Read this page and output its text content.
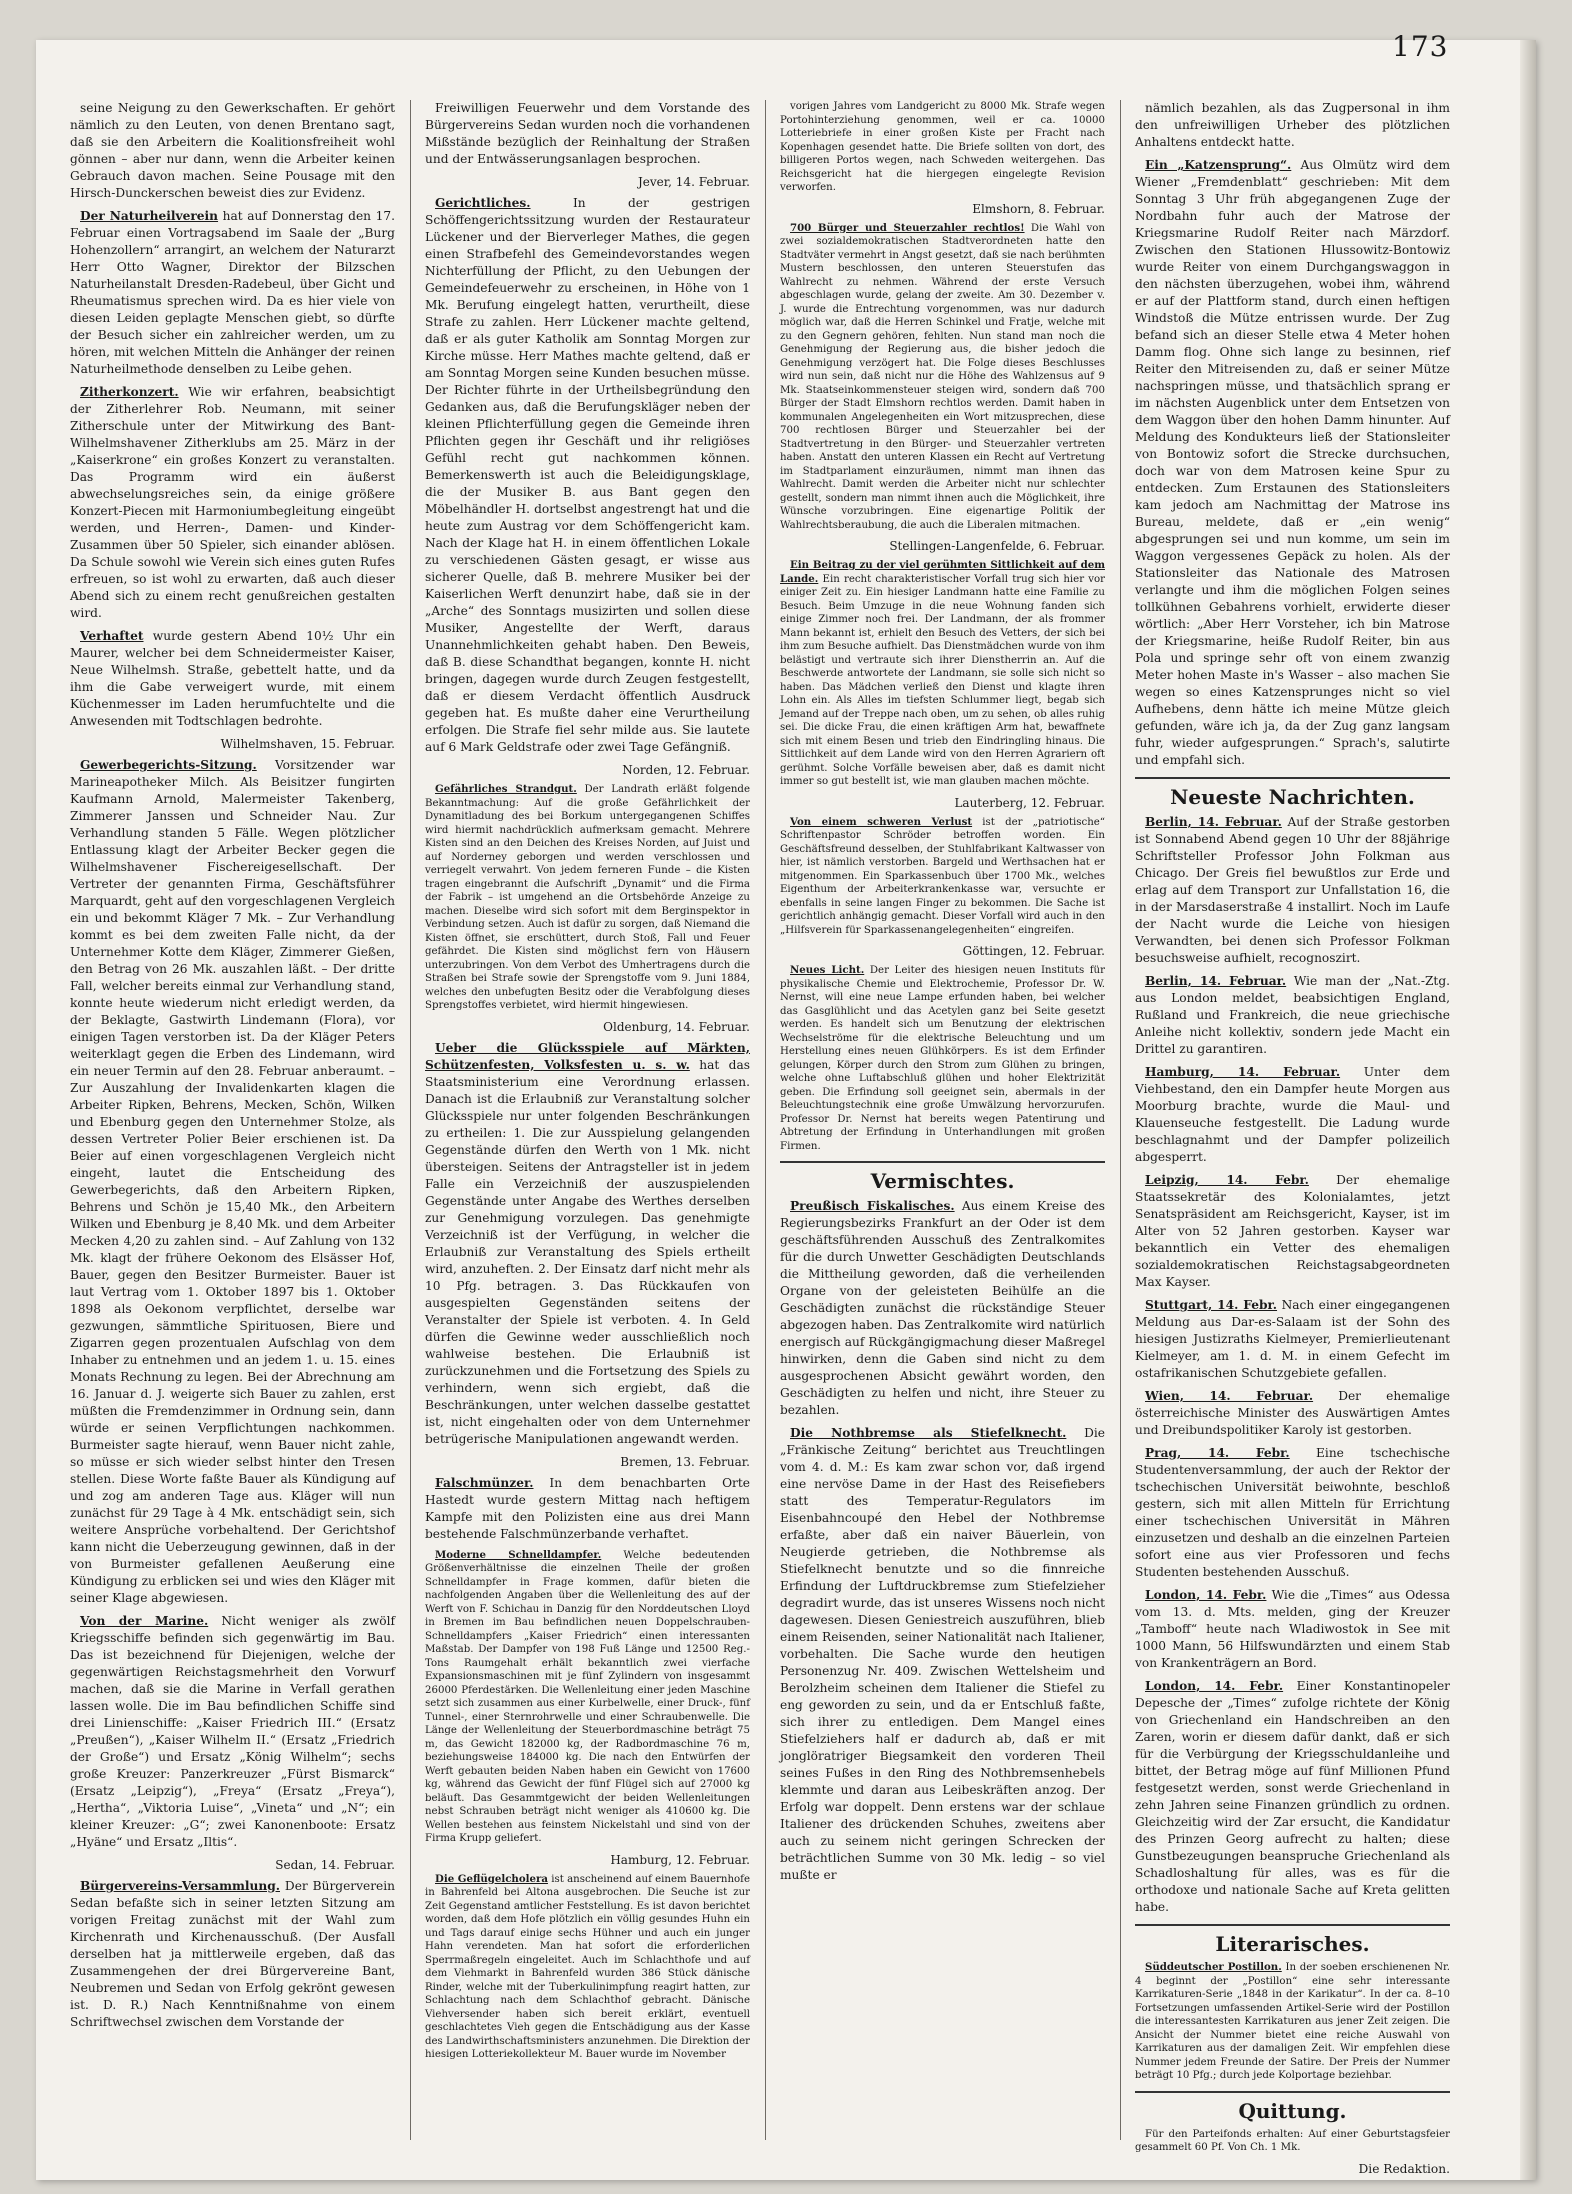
173

seine Neigung zu den Gewerkschaften. Er gehört nämlich zu den Leuten, von denen Brentano sagt, daß sie den Arbeitern die Koalitionsfreiheit wohl gönnen – aber nur dann, wenn die Arbeiter keinen Gebrauch davon machen. Seine Pousage mit den Hirsch-Dunckerschen beweist dies zur Evidenz.

Der Naturheilverein hat auf Donnerstag den 17. Februar einen Vortragsabend im Saale der „Burg Hohenzollern“ arrangirt, an welchem der Naturarzt Herr Otto Wagner, Direktor der Bilzschen Naturheilanstalt Dresden-Radebeul, über Gicht und Rheumatismus sprechen wird. Da es hier viele von diesen Leiden geplagte Menschen giebt, so dürfte der Besuch sicher ein zahlreicher werden, um zu hören, mit welchen Mitteln die Anhänger der reinen Naturheilmethode denselben zu Leibe gehen.

Zitherkonzert. Wie wir erfahren, beabsichtigt der Zitherlehrer Rob. Neumann, mit seiner Zitherschule unter der Mitwirkung des Bant-Wilhelmshavener Zitherklubs am 25. März in der „Kaiserkrone“ ein großes Konzert zu veranstalten. Das Programm wird ein äußerst abwechselungsreiches sein, da einige größere Konzert-Piecen mit Harmoniumbegleitung eingeübt werden, und Herren-, Damen- und Kinder-Zusammen über 50 Spieler, sich einander ablösen. Da Schule sowohl wie Verein sich eines guten Rufes erfreuen, so ist wohl zu erwarten, daß auch dieser Abend sich zu einem recht genußreichen gestalten wird.

Verhaftet wurde gestern Abend 10½ Uhr ein Maurer, welcher bei dem Schneidermeister Kaiser, Neue Wilhelmsh. Straße, gebettelt hatte, und da ihm die Gabe verweigert wurde, mit einem Küchenmesser im Laden herumfuchtelte und die Anwesenden mit Todtschlagen bedrohte.

Wilhelmshaven, 15. Februar.

Gewerbegerichts-Sitzung. Vorsitzender war Marineapotheker Milch. Als Beisitzer fungirten Kaufmann Arnold, Malermeister Takenberg, Zimmerer Janssen und Schneider Nau. Zur Verhandlung standen 5 Fälle. Wegen plötzlicher Entlassung klagt der Arbeiter Becker gegen die Wilhelmshavener Fischereigesellschaft. Der Vertreter der genannten Firma, Geschäftsführer Marquardt, geht auf den vorgeschlagenen Vergleich ein und bekommt Kläger 7 Mk. – Zur Verhandlung kommt es bei dem zweiten Falle nicht, da der Unternehmer Kotte dem Kläger, Zimmerer Gießen, den Betrag von 26 Mk. auszahlen läßt. – Der dritte Fall, welcher bereits einmal zur Verhandlung stand, konnte heute wiederum nicht erledigt werden, da der Beklagte, Gastwirth Lindemann (Flora), vor einigen Tagen verstorben ist. Da der Kläger Peters weiterklagt gegen die Erben des Lindemann, wird ein neuer Termin auf den 28. Februar anberaumt. – Zur Auszahlung der Invalidenkarten klagen die Arbeiter Ripken, Behrens, Mecken, Schön, Wilken und Ebenburg gegen den Unternehmer Stolze, als dessen Vertreter Polier Beier erschienen ist. Da Beier auf einen vorgeschlagenen Vergleich nicht eingeht, lautet die Entscheidung des Gewerbegerichts, daß den Arbeitern Ripken, Behrens und Schön je 15,40 Mk., den Arbeitern Wilken und Ebenburg je 8,40 Mk. und dem Arbeiter Mecken 4,20 zu zahlen sind. – Auf Zahlung von 132 Mk. klagt der frühere Oekonom des Elsässer Hof, Bauer, gegen den Besitzer Burmeister. Bauer ist laut Vertrag vom 1. Oktober 1897 bis 1. Oktober 1898 als Oekonom verpflichtet, derselbe war gezwungen, sämmtliche Spirituosen, Biere und Zigarren gegen prozentualen Aufschlag von dem Inhaber zu entnehmen und an jedem 1. u. 15. eines Monats Rechnung zu legen. Bei der Abrechnung am 16. Januar d. J. weigerte sich Bauer zu zahlen, erst müßten die Fremdenzimmer in Ordnung sein, dann würde er seinen Verpflichtungen nachkommen. Burmeister sagte hierauf, wenn Bauer nicht zahle, so müsse er sich wieder selbst hinter den Tresen stellen. Diese Worte faßte Bauer als Kündigung auf und zog am anderen Tage aus. Kläger will nun zunächst für 29 Tage à 4 Mk. entschädigt sein, sich weitere Ansprüche vorbehaltend. Der Gerichtshof kann nicht die Ueberzeugung gewinnen, daß in der von Burmeister gefallenen Aeußerung eine Kündigung zu erblicken sei und wies den Kläger mit seiner Klage abgewiesen.

Von der Marine. Nicht weniger als zwölf Kriegsschiffe befinden sich gegenwärtig im Bau. Das ist bezeichnend für Diejenigen, welche der gegenwärtigen Reichstagsmehrheit den Vorwurf machen, daß sie die Marine in Verfall gerathen lassen wolle. Die im Bau befindlichen Schiffe sind drei Linienschiffe: „Kaiser Friedrich III.“ (Ersatz „Preußen“), „Kaiser Wilhelm II.“ (Ersatz „Friedrich der Große“) und Ersatz „König Wilhelm“; sechs große Kreuzer: Panzerkreuzer „Fürst Bismarck“ (Ersatz „Leipzig“), „Freya“ (Ersatz „Freya“), „Hertha“, „Viktoria Luise“, „Vineta“ und „N“; ein kleiner Kreuzer: „G“; zwei Kanonenboote: Ersatz „Hyäne“ und Ersatz „Iltis“.

Sedan, 14. Februar.

Bürgervereins-Versammlung. Der Bürgerverein Sedan befaßte sich in seiner letzten Sitzung am vorigen Freitag zunächst mit der Wahl zum Kirchenrath und Kirchenausschuß. (Der Ausfall derselben hat ja mittlerweile ergeben, daß das Zusammengehen der drei Bürgervereine Bant, Neubremen und Sedan von Erfolg gekrönt gewesen ist. D. R.) Nach Kenntnißnahme von einem Schriftwechsel zwischen dem Vorstande der

Freiwilligen Feuerwehr und dem Vorstande des Bürgervereins Sedan wurden noch die vorhandenen Mißstände bezüglich der Reinhaltung der Straßen und der Entwässerungsanlagen besprochen.

Jever, 14. Februar.

Gerichtliches.	In der gestrigen Schöffengerichtssitzung wurden der Restaurateur Lückener und der Bierverleger Mathes, die gegen einen Strafbefehl des Gemeindevorstandes wegen Nichterfüllung der Pflicht, zu den Uebungen der Gemeindefeuerwehr zu erscheinen, in Höhe von 1 Mk. Berufung eingelegt hatten, verurtheilt, diese Strafe zu zahlen. Herr Lückener machte geltend, daß er als guter Katholik am Sonntag Morgen zur Kirche müsse. Herr Mathes machte geltend, daß er am Sonntag Morgen seine Kunden besuchen müsse. Der Richter führte in der Urtheilsbegründung den Gedanken aus, daß die Berufungskläger neben der kleinen Pflichterfüllung gegen die Gemeinde ihren Pflichten gegen ihr Geschäft und ihr religiöses Gefühl recht gut nachkommen können. Bemerkenswerth ist auch die Beleidigungsklage, die der Musiker B. aus Bant gegen den Möbelhändler H. dortselbst angestrengt hat und die heute zum Austrag vor dem Schöffengericht kam. Nach der Klage hat H. in einem öffentlichen Lokale zu verschiedenen Gästen gesagt, er wisse aus sicherer Quelle, daß B. mehrere Musiker bei der Kaiserlichen Werft denunzirt habe, daß sie in der „Arche“ des Sonntags musizirten und sollen diese Musiker, Angestellte der Werft, daraus Unannehmlichkeiten gehabt haben. Den Beweis, daß B. diese Schandthat begangen, konnte H. nicht bringen, dagegen wurde durch Zeugen festgestellt, daß er diesem Verdacht öffentlich Ausdruck gegeben hat. Es mußte daher eine Verurtheilung erfolgen. Die Strafe fiel sehr milde aus. Sie lautete auf 6 Mark Geldstrafe oder zwei Tage Gefängniß.

Norden, 12. Februar.

Gefährliches Strandgut. Der Landrath erläßt folgende Bekanntmachung: Auf die große Gefährlichkeit der Dynamitladung des bei Borkum untergegangenen Schiffes wird hiermit nachdrücklich aufmerksam gemacht. Mehrere Kisten sind an den Deichen des Kreises Norden, auf Juist und auf Norderney geborgen und werden verschlossen und verriegelt verwahrt. Von jedem ferneren Funde – die Kisten tragen eingebrannt die Aufschrift „Dynamit“ und die Firma der Fabrik – ist umgehend an die Ortsbehörde Anzeige zu machen. Dieselbe wird sich sofort mit dem Berginspektor in Verbindung setzen. Auch ist dafür zu sorgen, daß Niemand die Kisten öffnet, sie erschüttert, durch Stoß, Fall und Feuer gefährdet. Die Kisten sind möglichst fern von Häusern unterzubringen. Von dem Verbot des Umhertragens durch die Straßen bei Strafe sowie der Sprengstoffe vom 9. Juni 1884, welches den unbefugten Besitz oder die Verabfolgung dieses Sprengstoffes verbietet, wird hiermit hingewiesen.

Oldenburg, 14. Februar.

Ueber die Glücksspiele auf Märkten, Schützenfesten, Volksfesten u. s. w. hat das Staatsministerium eine Verordnung erlassen. Danach ist die Erlaubniß zur Veranstaltung solcher Glücksspiele nur unter folgenden Beschränkungen zu ertheilen: 1. Die zur Ausspielung gelangenden Gegenstände dürfen den Werth von 1 Mk. nicht übersteigen. Seitens der Antragsteller ist in jedem Falle ein Verzeichniß der auszuspielenden Gegenstände unter Angabe des Werthes derselben zur Genehmigung vorzulegen. Das genehmigte Verzeichniß ist der Verfügung, in welcher die Erlaubniß zur Veranstaltung des Spiels ertheilt wird, anzuheften. 2. Der Einsatz darf nicht mehr als 10 Pfg. betragen. 3. Das Rückkaufen von ausgespielten Gegenständen seitens der Veranstalter der Spiele ist verboten. 4. In Geld dürfen die Gewinne weder ausschließlich noch wahlweise bestehen. Die Erlaubniß ist zurückzunehmen und die Fortsetzung des Spiels zu verhindern, wenn sich ergiebt, daß die Beschränkungen, unter welchen dasselbe gestattet ist, nicht eingehalten oder von dem Unternehmer betrügerische Manipulationen angewandt werden.

Bremen, 13. Februar.

Falschmünzer. In dem benachbarten Orte Hastedt wurde gestern Mittag nach heftigem Kampfe mit den Polizisten eine aus drei Mann bestehende Falschmünzerbande verhaftet.

Moderne Schnelldampfer. Welche bedeutenden Größenverhältnisse die einzelnen Theile der großen Schnelldampfer in Frage kommen, dafür bieten die nachfolgenden Angaben über die Wellenleitung des auf der Werft von F. Schichau in Danzig für den Norddeutschen Lloyd in Bremen im Bau befindlichen neuen Doppelschrauben-Schnelldampfers „Kaiser Friedrich“ einen interessanten Maßstab. Der Dampfer von 198 Fuß Länge und 12500 Reg.-Tons Raumgehalt erhält bekanntlich zwei vierfache Expansionsmaschinen mit je fünf Zylindern von insgesammt 26000 Pferdestärken. Die Wellenleitung einer jeden Maschine setzt sich zusammen aus einer Kurbelwelle, einer Druck-, fünf Tunnel-, einer Sternrohrwelle und einer Schraubenwelle. Die Länge der Wellenleitung der Steuerbordmaschine beträgt 75 m, das Gewicht 182000 kg, der Radbordmaschine 76 m, beziehungsweise 184000 kg. Die nach den Entwürfen der Werft gebauten beiden Naben haben ein Gewicht von 17600 kg, während das Gewicht der fünf Flügel sich auf 27000 kg beläuft. Das Gesammtgewicht der beiden Wellenleitungen nebst Schrauben beträgt nicht weniger als 410600 kg. Die Wellen bestehen aus feinstem Nickelstahl und sind von der Firma Krupp geliefert.

Hamburg, 12. Februar.

Die Geflügelcholera ist anscheinend auf einem Bauernhofe in Bahrenfeld bei Altona ausgebrochen. Die Seuche ist zur Zeit Gegenstand amtlicher Feststellung. Es ist davon berichtet worden, daß dem Hofe plötzlich ein völlig gesundes Huhn ein und Tags darauf einige sechs Hühner und auch ein junger Hahn verendeten. Man hat sofort die erforderlichen Sperrmaßregeln eingeleitet. Auch im Schlachthofe und auf dem Viehmarkt in Bahrenfeld wurden 386 Stück dänische Rinder, welche mit der Tuberkulinimpfung reagirt hatten, zur Schlachtung nach dem Schlachthof gebracht. Dänische Viehversender haben sich bereit erklärt, eventuell geschlachtetes Vieh gegen die Entschädigung aus der Kasse des Landwirthschaftsministers anzunehmen. Die Direktion der hiesigen Lotteriekollekteur M. Bauer wurde im November

vorigen Jahres vom Landgericht zu 8000 Mk. Strafe wegen Portohinterziehung genommen, weil er ca. 10000 Lotteriebriefe in einer großen Kiste per Fracht nach Kopenhagen gesendet hatte. Die Briefe sollten von dort, des billigeren Portos wegen, nach Schweden weitergehen. Das Reichsgericht hat die hiergegen eingelegte Revision verworfen.

Elmshorn, 8. Februar.

700 Bürger und Steuerzahler rechtlos! Die Wahl von zwei sozialdemokratischen Stadtverordneten hatte den Stadtväter vermehrt in Angst gesetzt, daß sie nach berühmten Mustern beschlossen, den unteren Steuerstufen das Wahlrecht zu nehmen. Während der erste Versuch abgeschlagen wurde, gelang der zweite. Am 30. Dezember v. J. wurde die Entrechtung vorgenommen, was nur dadurch möglich war, daß die Herren Schinkel und Fratje, welche mit zu den Gegnern gehören, fehlten. Nun stand man noch die Genehmigung der Regierung aus, die bisher jedoch die Genehmigung verzögert hat. Die Folge dieses Beschlusses wird nun sein, daß nicht nur die Höhe des Wahlzensus auf 9 Mk. Staatseinkommensteuer steigen wird, sondern daß 700 Bürger der Stadt Elmshorn rechtlos werden. Damit haben in kommunalen Angelegenheiten ein Wort mitzusprechen, diese 700 rechtlosen Bürger und Steuerzahler bei der Stadtvertretung in den Bürger- und Steuerzahler vertreten haben. Anstatt den unteren Klassen ein Recht auf Vertretung im Stadtparlament einzuräumen, nimmt man ihnen das Wahlrecht. Damit werden die Arbeiter nicht nur schlechter gestellt, sondern man nimmt ihnen auch die Möglichkeit, ihre Wünsche vorzubringen. Eine eigenartige Politik der Wahlrechtsberaubung, die auch die Liberalen mitmachen.

Stellingen-Langenfelde, 6. Februar.

Ein Beitrag zu der viel gerühmten Sittlichkeit auf dem Lande. Ein recht charakteristischer Vorfall trug sich hier vor einiger Zeit zu. Ein hiesiger Landmann hatte eine Familie zu Besuch. Beim Umzuge in die neue Wohnung fanden sich einige Zimmer noch frei. Der Landmann, der als frommer Mann bekannt ist, erhielt den Besuch des Vetters, der sich bei ihm zum Besuche aufhielt. Das Dienstmädchen wurde von ihm belästigt und vertraute sich ihrer Dienstherrin an. Auf die Beschwerde antwortete der Landmann, sie solle sich nicht so haben. Das Mädchen verließ den Dienst und klagte ihren Lohn ein. Als Alles im tiefsten Schlummer liegt, begab sich Jemand auf der Treppe nach oben, um zu sehen, ob alles ruhig sei. Die dicke Frau, die einen kräftigen Arm hat, bewaffnete sich mit einem Besen und trieb den Eindringling hinaus. Die Sittlichkeit auf dem Lande wird von den Herren Agrariern oft gerühmt. Solche Vorfälle beweisen aber, daß es damit nicht immer so gut bestellt ist, wie man glauben machen möchte.

Lauterberg, 12. Februar.

Von einem schweren Verlust ist der „patriotische“ Schriftenpastor Schröder betroffen worden. Ein Geschäftsfreund desselben, der Stuhlfabrikant Kaltwasser von hier, ist nämlich verstorben. Bargeld und Werthsachen hat er mitgenommen. Ein Sparkassenbuch über 1700 Mk., welches Eigenthum der Arbeiterkrankenkasse war, versuchte er ebenfalls in seine langen Finger zu bekommen. Die Sache ist gerichtlich anhängig gemacht. Dieser Vorfall wird auch in den „Hilfsverein für Sparkassenangelegenheiten“ eingreifen.

Göttingen, 12. Februar.

Neues Licht. Der Leiter des hiesigen neuen Instituts für physikalische Chemie und Elektrochemie, Professor Dr. W. Nernst, will eine neue Lampe erfunden haben, bei welcher das Gasglühlicht und das Acetylen ganz bei Seite gesetzt werden. Es handelt sich um Benutzung der elektrischen Wechselströme für die elektrische Beleuchtung und um Herstellung eines neuen Glühkörpers. Es ist dem Erfinder gelungen, Körper durch den Strom zum Glühen zu bringen, welche ohne Luftabschluß glühen und hoher Elektrizität geben. Die Erfindung soll geeignet sein, abermals in der Beleuchtungstechnik eine große Umwälzung hervorzurufen. Professor Dr. Nernst hat bereits wegen Patentirung und Abtretung der Erfindung in Unterhandlungen mit großen Firmen.

Vermischtes.

Preußisch Fiskalisches. Aus einem Kreise des Regierungsbezirks Frankfurt an der Oder ist dem geschäftsführenden Ausschuß des Zentralkomites für die durch Unwetter Geschädigten Deutschlands die Mittheilung geworden, daß die verheilenden Organe von der geleisteten Beihülfe an die Geschädigten zunächst die rückständige Steuer abgezogen haben. Das Zentralkomite wird natürlich energisch auf Rückgängigmachung dieser Maßregel hinwirken, denn die Gaben sind nicht zu dem ausgesprochenen Absicht gewährt worden, den Geschädigten zu helfen und nicht, ihre Steuer zu bezahlen.

Die Nothbremse als Stiefelknecht. Die „Fränkische Zeitung“ berichtet aus Treuchtlingen vom 4. d. M.: Es kam zwar schon vor, daß irgend eine nervöse Dame in der Hast des Reisefiebers statt des Temperatur-Regulators im Eisenbahncoupé den Hebel der Nothbremse erfaßte, aber daß ein naiver Bäuerlein, von Neugierde getrieben, die Nothbremse als Stiefelknecht benutzte und so die finnreiche Erfindung der Luftdruckbremse zum Stiefelzieher degradirt wurde, das ist unseres Wissens noch nicht dagewesen. Diesen Geniestreich auszuführen, blieb einem Reisenden, seiner Nationalität nach Italiener, vorbehalten. Die Sache wurde den heutigen Personenzug Nr. 409. Zwischen Wettelsheim und Berolzheim scheinen dem Italiener die Stiefel zu eng geworden zu sein, und da er Entschluß faßte, sich ihrer zu entledigen. Dem Mangel eines Stiefelziehers half er dadurch ab, daß er mit jonglöratriger Biegsamkeit den vorderen Theil seines Fußes in den Ring des Nothbremsenhebels klemmte und daran aus Leibeskräften anzog. Der Erfolg war doppelt. Denn erstens war der schlaue Italiener des drückenden Schuhes, zweitens aber auch zu seinem nicht geringen Schrecken der beträchtlichen Summe von 30 Mk. ledig – so viel mußte er

nämlich bezahlen, als das Zugpersonal in ihm den unfreiwilligen Urheber des plötzlichen Anhaltens entdeckt hatte.

Ein „Katzensprung“. Aus Olmütz wird dem Wiener „Fremdenblatt“ geschrieben: Mit dem Sonntag 3 Uhr früh abgegangenen Zuge der Nordbahn fuhr auch der Matrose der Kriegsmarine Rudolf Reiter nach Märzdorf. Zwischen den Stationen Hlussowitz-Bontowiz wurde Reiter von einem Durchgangswaggon in den nächsten überzugehen, wobei ihm, während er auf der Plattform stand, durch einen heftigen Windstoß die Mütze entrissen wurde. Der Zug befand sich an dieser Stelle etwa 4 Meter hohen Damm flog. Ohne sich lange zu besinnen, rief Reiter den Mitreisenden zu, daß er seiner Mütze nachspringen müsse, und thatsächlich sprang er im nächsten Augenblick unter dem Entsetzen von dem Waggon über den hohen Damm hinunter. Auf Meldung des Kondukteurs ließ der Stationsleiter von Bontowiz sofort die Strecke durchsuchen, doch war von dem Matrosen keine Spur zu entdecken. Zum Erstaunen des Stationsleiters kam jedoch am Nachmittag der Matrose ins Bureau, meldete, daß er „ein wenig“ abgesprungen sei und nun komme, um sein im Waggon vergessenes Gepäck zu holen. Als der Stationsleiter das Nationale des Matrosen verlangte und ihm die möglichen Folgen seines tollkühnen Gebahrens vorhielt, erwiderte dieser wörtlich: „Aber Herr Vorsteher, ich bin Matrose der Kriegsmarine, heiße Rudolf Reiter, bin aus Pola und springe sehr oft von einem zwanzig Meter hohen Maste in's Wasser – also machen Sie wegen so eines Katzensprunges nicht so viel Aufhebens, denn hätte ich meine Mütze gleich gefunden, wäre ich ja, da der Zug ganz langsam fuhr, wieder aufgesprungen.“ Sprach's, salutirte und empfahl sich.

Neueste Nachrichten.

Berlin, 14. Februar. Auf der Straße gestorben ist Sonnabend Abend gegen 10 Uhr der 88jährige Schriftsteller Professor John Folkman aus Chicago. Der Greis fiel bewußtlos zur Erde und erlag auf dem Transport zur Unfallstation 16, die in der Marsdaserstraße 4 installirt. Noch im Laufe der Nacht wurde die Leiche von hiesigen Verwandten, bei denen sich Professor Folkman besuchsweise aufhielt, recognoszirt.

Berlin, 14. Februar. Wie man der „Nat.-Ztg. aus London meldet, beabsichtigen England, Rußland und Frankreich, die neue griechische Anleihe nicht kollektiv, sondern jede Macht ein Drittel zu garantiren.

Hamburg, 14. Februar. Unter dem Viehbestand, den ein Dampfer heute Morgen aus Moorburg brachte, wurde die Maul- und Klauenseuche festgestellt. Die Ladung wurde beschlagnahmt und der Dampfer polizeilich abgesperrt.

Leipzig, 14. Febr. Der ehemalige Staatssekretär des Kolonialamtes, jetzt Senatspräsident am Reichsgericht, Kayser, ist im Alter von 52 Jahren gestorben. Kayser war bekanntlich ein Vetter des ehemaligen sozialdemokratischen Reichstagsabgeordneten Max Kayser.

Stuttgart, 14. Febr. Nach einer eingegangenen Meldung aus Dar-es-Salaam ist der Sohn des hiesigen Justizraths Kielmeyer, Premierlieutenant Kielmeyer, am 1. d. M. in einem Gefecht im ostafrikanischen Schutzgebiete gefallen.

Wien, 14. Februar. Der ehemalige österreichische Minister des Auswärtigen Amtes und Dreibundspolitiker Karoly ist gestorben.

Prag, 14. Febr. Eine tschechische Studentenversammlung, der auch der Rektor der tschechischen Universität beiwohnte, beschloß gestern, sich mit allen Mitteln für Errichtung einer tschechischen Universität in Mähren einzusetzen und deshalb an die einzelnen Parteien sofort eine aus vier Professoren und fechs Studenten bestehenden Ausschuß.

London, 14. Febr. Wie die „Times“ aus Odessa vom 13. d. Mts. melden, ging der Kreuzer „Tamboff“ heute nach Wladiwostok in See mit 1000 Mann, 56 Hilfswundärzten und einem Stab von Krankenträgern an Bord.

London, 14. Febr. Einer Konstantinopeler Depesche der „Times“ zufolge richtete der König von Griechenland ein Handschreiben an den Zaren, worin er diesem dafür dankt, daß er sich für die Verbürgung der Kriegsschuldanleihe und bittet, der Betrag möge auf fünf Millionen Pfund festgesetzt werden, sonst werde Griechenland in zehn Jahren seine Finanzen gründlich zu ordnen. Gleichzeitig wird der Zar ersucht, die Kandidatur des Prinzen Georg aufrecht zu halten; diese Gunstbezeugungen beanspruche Griechenland als Schadloshaltung für alles, was es für die orthodoxe und nationale Sache auf Kreta gelitten habe.

Literarisches.

Süddeutscher Postillon. In der soeben erschienenen Nr. 4 beginnt der „Postillon“ eine sehr interessante Karrikaturen-Serie „1848 in der Karikatur“. In der ca. 8–10 Fortsetzungen umfassenden Artikel-Serie wird der Postillon die interessantesten Karrikaturen aus jener Zeit zeigen. Die Ansicht der Nummer bietet eine reiche Auswahl von Karrikaturen aus der damaligen Zeit. Wir empfehlen diese Nummer jedem Freunde der Satire. Der Preis der Nummer beträgt 10 Pfg.; durch jede Kolportage beziehbar.

Quittung.

Für den Parteifonds erhalten: Auf einer Geburtstagsfeier gesammelt 60 Pf. Von Ch. 1 Mk.

Die Redaktion.
